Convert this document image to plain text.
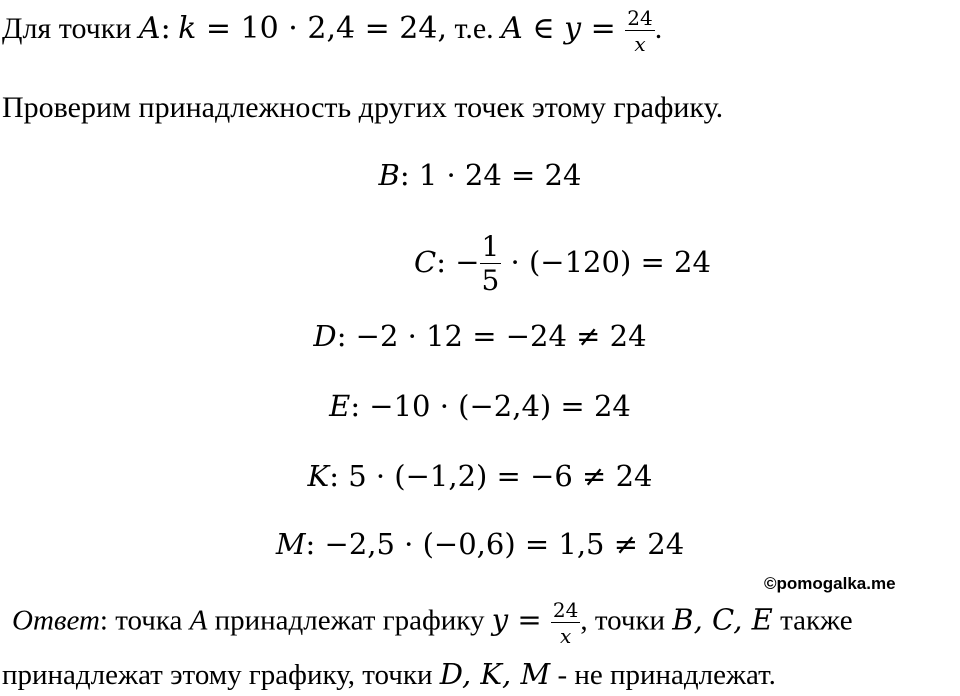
Для точки A: k = 10 · 2,4 = 24, т.е. A ∈ $y = \frac{24}{x}$ .
Проверим принадлежность других точек этому графику.
B: 1 · 24 = 24
C: − $\frac{1}{5} \cdot (-120) = 24$
D: −2 · 12 = −24 ≠ 24
E: −10 · (−2,4) = 24
K: 5 · (−1,2) = −6 ≠ 24
M: −2,5 · (−0,6) = 1,5 ≠ 24
©pomogalka.me
Ответ: точка A принадлежат графику $y = \frac{24}{x}$ , точки B, C, E также
принадлежат этому графику, точки D, K, M - не принадлежат.
